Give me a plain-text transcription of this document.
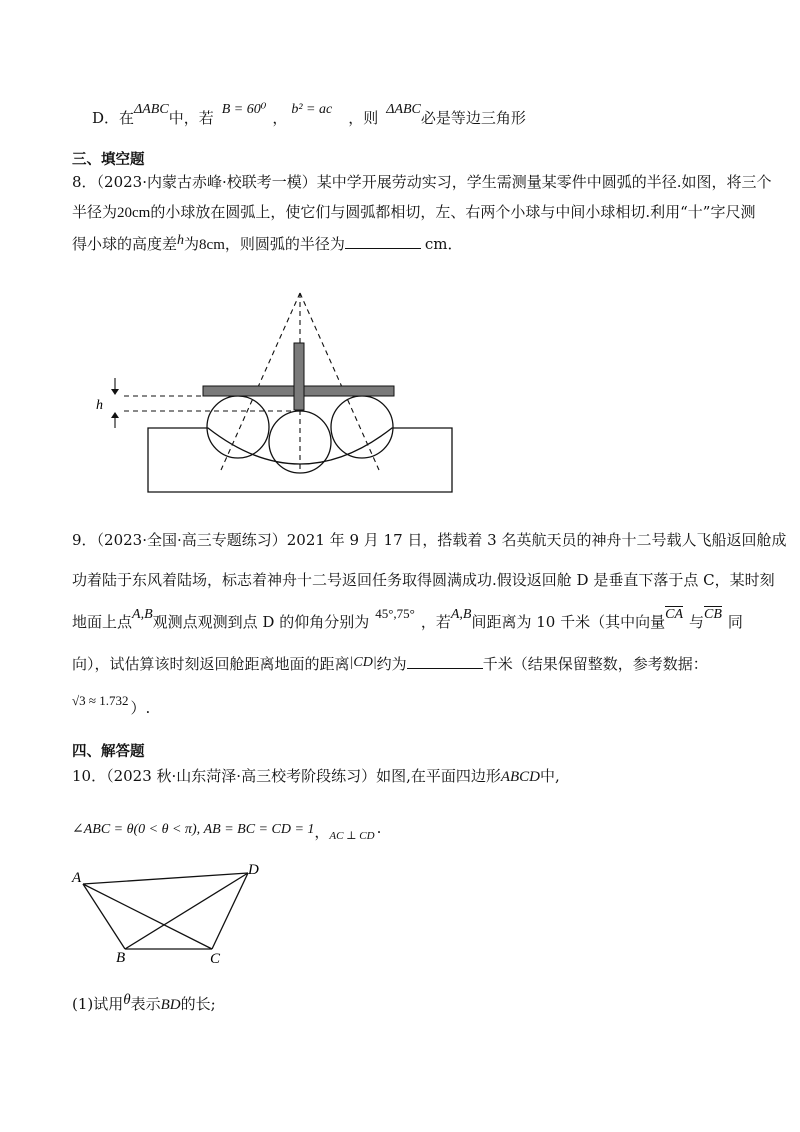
D．在ΔABC中，若 B = 60⁰ ， b² = ac ，则 ΔABC必是等边三角形
三、填空题
8．（2023·内蒙古赤峰·校联考一模）某中学开展劳动实习，学生需测量某零件中圆弧的半径.如图，将三个
半径为20cm的小球放在圆弧上，使它们与圆弧都相切，左、右两个小球与中间小球相切.利用“十”字尺测
得小球的高度差h为8cm，则圆弧的半径为	cm．
h
A
B	C
D
9．（2023·全国·高三专题练习）2021 年 9 月 17 日，搭载着 3 名英航天员的神舟十二号载人飞船返回舱成
功着陆于东风着陆场，标志着神舟十二号返回任务取得圆满成功.假设返回舱 D 是垂直下落于点 C，某时刻
地面上点A,B观测点观测到点 D 的仰角分别为 45°,75° ，若A,B间距离为 10 千米（其中向量CA 与CB 同
向），试估算该时刻返回舱距离地面的距离|CD|约为	千米（结果保留整数，参考数据：
√3 ≈ 1.732 ）.
四、解答题
10．（2023 秋·山东菏泽·高三校考阶段练习）如图,在平面四边形ABCD中,
∠ABC = θ(0 < θ < π), AB = BC = CD = 1，$_{AC \perp CD}$ .
(1)试用θ表示BD的长;
